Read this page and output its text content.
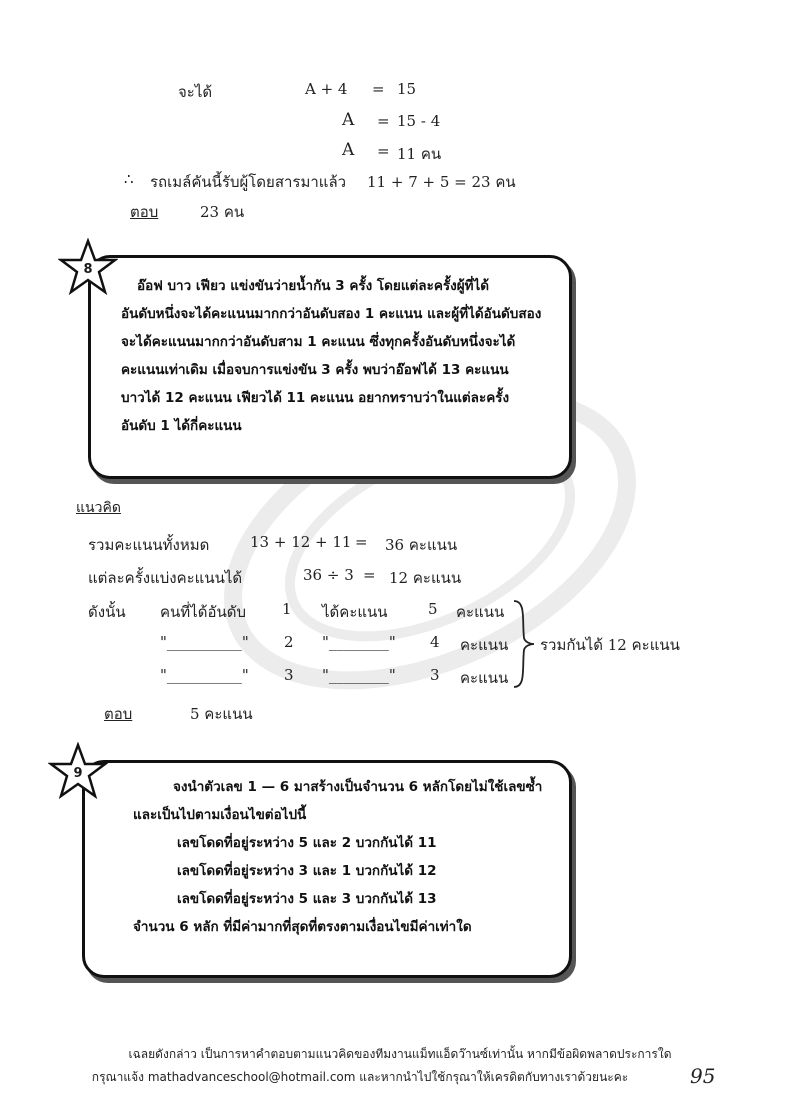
จะได้	A + 4 = 15
A = 15 - 4
A = 11 คน
∴ รถเมล์คันนี้รับผู้โดยสารมาแล้ว 11 + 7 + 5 = 23 คน
ตอบ	23 คน

อ๊อฟ บาว เฟียว แข่งขันว่ายน้ำกัน 3 ครั้ง โดยแต่ละครั้งผู้ที่ได้

อันดับหนึ่งจะได้คะแนนมากกว่าอันดับสอง 1 คะแนน และผู้ที่ได้อันดับสอง

จะได้คะแนนมากกว่าอันดับสาม 1 คะแนน ซึ่งทุกครั้งอันดับหนึ่งจะได้

คะแนนเท่าเดิม เมื่อจบการแข่งขัน 3 ครั้ง พบว่าอ๊อฟได้ 13 คะแนน

บาวได้ 12 คะแนน เฟียวได้ 11 คะแนน อยากทราบว่าในแต่ละครั้ง

อันดับ 1 ได้กี่คะแนน

8
แนวคิด
รวมคะแนนทั้งหมด	13 + 12 + 11 = 36 คะแนน
แต่ละครั้งแบ่งคะแนนได้	36 ÷ 3 = 12 คะแนน
ดังนั้น คนที่ได้อันดับ 1 ได้คะแนน	5 คะแนน
"__________" 2 "________" 4 คะแนน
"__________" 3 "________" 3 คะแนน
รวมกันได้ 12 คะแนน
ตอบ	5 คะแนน

จงนำตัวเลข 1 — 6 มาสร้างเป็นจำนวน 6 หลักโดยไม่ใช้เลขซ้ำ

และเป็นไปตามเงื่อนไขต่อไปนี้

เลขโดดที่อยู่ระหว่าง 5 และ 2 บวกกันได้ 11

เลขโดดที่อยู่ระหว่าง 3 และ 1 บวกกันได้ 12

เลขโดดที่อยู่ระหว่าง 5 และ 3 บวกกันได้ 13

จำนวน 6 หลัก ที่มีค่ามากที่สุดที่ตรงตามเงื่อนไขมีค่าเท่าใด

9
เฉลยดังกล่าว เป็นการหาคำตอบตามแนวคิดของทีมงานแม็ทแอ็ดว๊านซ์เท่านั้น หากมีข้อผิดพลาดประการใด
กรุณาแจ้ง mathadvanceschool@hotmail.com และหากนำไปใช้กรุณาให้เครดิตกับทางเราด้วยนะคะ	95
